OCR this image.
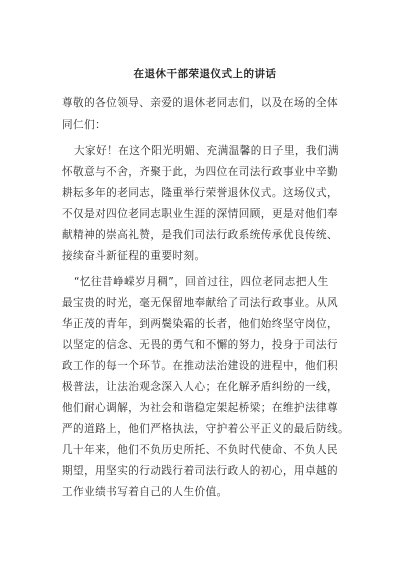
在退休干部荣退仪式上的讲话
尊敬的各位领导、亲爱的退休老同志们，以及在场的全体
同仁们：
大家好！在这个阳光明媚、充满温馨的日子里，我们满
怀敬意与不舍，齐聚于此，为四位在司法行政事业中辛勤
耕耘多年的老同志，隆重举行荣誉退休仪式。这场仪式，
不仅是对四位老同志职业生涯的深情回顾，更是对他们奉
献精神的崇高礼赞，是我们司法行政系统传承优良传统、
接续奋斗新征程的重要时刻。
“忆往昔峥嵘岁月稠”，回首过往，四位老同志把人生
最宝贵的时光，毫无保留地奉献给了司法行政事业。从风
华正茂的青年，到两鬓染霜的长者，他们始终坚守岗位，
以坚定的信念、无畏的勇气和不懈的努力，投身于司法行
政工作的每一个环节。在推动法治建设的进程中，他们积
极普法，让法治观念深入人心；在化解矛盾纠纷的一线，
他们耐心调解，为社会和谐稳定架起桥梁；在维护法律尊
严的道路上，他们严格执法，守护着公平正义的最后防线。
几十年来，他们不负历史所托、不负时代使命、不负人民
期望，用坚实的行动践行着司法行政人的初心，用卓越的
工作业绩书写着自己的人生价值。
